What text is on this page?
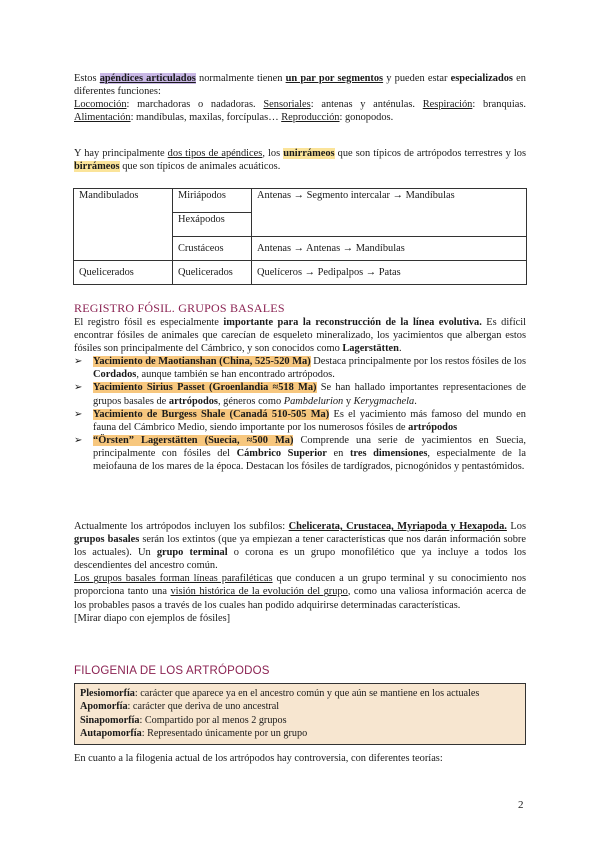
Estos apéndices articulados normalmente tienen un par por segmentos y pueden estar especializados en diferentes funciones:

Locomoción: marchadoras o nadadoras. Sensoriales: antenas y anténulas. Respiración: branquias. Alimentación: mandíbulas, maxilas, forcípulas… Reproducción: gonopodos.

Y hay principalmente dos tipos de apéndices, los unirrámeos que son típicos de artrópodos terrestres y los birrámeos que son típicos de animales acuáticos.

Mandibulados	Miriápodos	Antenas → Segmento intercalar → Mandíbulas
	Hexápodos	
	Crustáceos	Antenas → Antenas → Mandíbulas
Quelicerados	Quelicerados	Quelíceros → Pedipalpos → Patas
REGISTRO FÓSIL. GRUPOS BASALES

El registro fósil es especialmente importante para la reconstrucción de la línea evolutiva. Es difícil encontrar fósiles de animales que carecían de esqueleto mineralizado, los yacimientos que albergan estos fósiles son principalmente del Cámbrico, y son conocidos como Lagerstätten.

➢ Yacimiento de Maotianshan (China, 525-520 Ma) Destaca principalmente por los restos fósiles de los Cordados, aunque también se han encontrado artrópodos.
➢ Yacimiento Sirius Passet (Groenlandia ≈518 Ma) Se han hallado importantes representaciones de grupos basales de artrópodos, géneros como Pambdelurion y Kerygmachela.
➢ Yacimiento de Burgess Shale (Canadá 510-505 Ma) Es el yacimiento más famoso del mundo en fauna del Cámbrico Medio, siendo importante por los numerosos fósiles de artrópodos
➢ “Örsten” Lagerstätten (Suecia, ≈500 Ma) Comprende una serie de yacimientos en Suecia, principalmente con fósiles del Cámbrico Superior en tres dimensiones, especialmente de la meiofauna de los mares de la época. Destacan los fósiles de tardígrados, picnogónidos y pentastómidos.

Actualmente los artrópodos incluyen los subfilos: Chelicerata, Crustacea, Myriapoda y Hexapoda. Los grupos basales serán los extintos (que ya empiezan a tener características que nos darán información sobre los actuales). Un grupo terminal o corona es un grupo monofilético que ya incluye a todos los descendientes del ancestro común.

Los grupos basales forman líneas parafiléticas que conducen a un grupo terminal y su conocimiento nos proporciona tanto una visión histórica de la evolución del grupo, como una valiosa información acerca de los probables pasos a través de los cuales han podido adquirirse determinadas características.

[Mirar diapo con ejemplos de fósiles]

FILOGENIA DE LOS ARTRÓPODOS

Plesiomorfía: carácter que aparece ya en el ancestro común y que aún se mantiene en los actuales

Apomorfía: carácter que deriva de uno ancestral

Sinapomorfía: Compartido por al menos 2 grupos

Autapomorfía: Representado únicamente por un grupo

En cuanto a la filogenia actual de los artrópodos hay controversia, con diferentes teorías:
2
